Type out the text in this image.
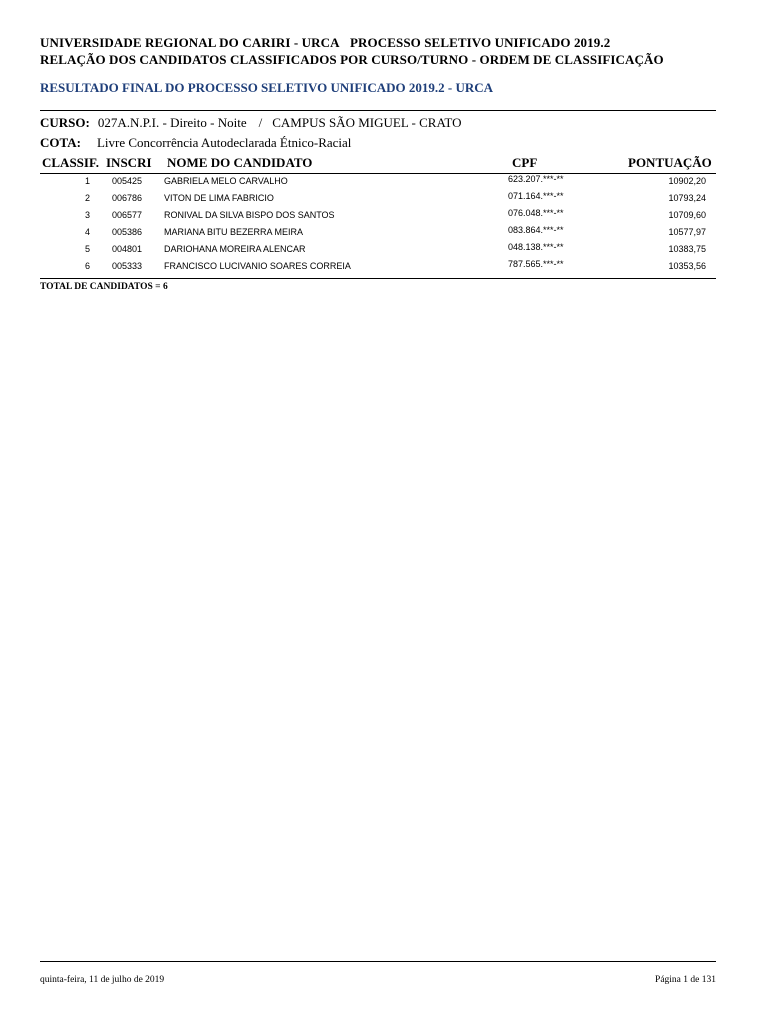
UNIVERSIDADE REGIONAL DO CARIRI - URCA PROCESSO SELETIVO UNIFICADO 2019.2
RELAÇÃO DOS CANDIDATOS CLASSIFICADOS POR CURSO/TURNO - ORDEM DE CLASSIFICAÇÃO
RESULTADO FINAL DO PROCESSO SELETIVO UNIFICADO 2019.2 - URCA
CURSO: 027A.N.P.I. - Direito - Noite / CAMPUS SÃO MIGUEL - CRATO
COTA: Livre Concorrência Autodeclarada Étnico-Racial
CLASSIF. INSCRI NOME DO CANDIDATO	CPF	PONTUAÇÃO
1 005425 GABRIELA MELO CARVALHO	623.207.***-**	10902,20
2 006786 VITON DE LIMA FABRICIO	071.164.***-**	10793,24
3 006577 RONIVAL DA SILVA BISPO DOS SANTOS	076.048.***-**	10709,60
4 005386 MARIANA BITU BEZERRA MEIRA	083.864.***-**	10577,97
5 004801 DARIOHANA MOREIRA ALENCAR	048.138.***-**	10383,75
6 005333 FRANCISCO LUCIVANIO SOARES CORREIA	787.565.***-**	10353,56
TOTAL DE CANDIDATOS = 6
quinta-feira, 11 de julho de 2019	Página 1 de 131
